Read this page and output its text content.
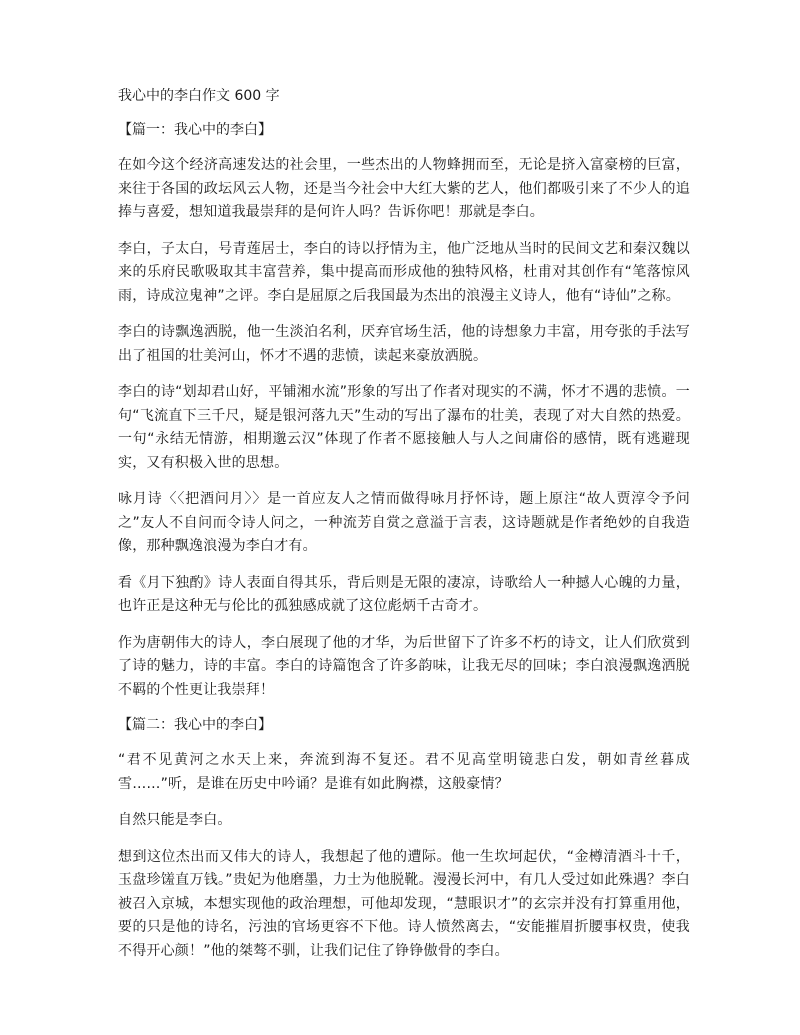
我心中的李白作文 600 字
【篇一：我心中的李白】

在如今这个经济高速发达的社会里，一些杰出的人物蜂拥而至，无论是挤入富豪榜的巨富，来往于各国的政坛风云人物，还是当今社会中大红大紫的艺人，他们都吸引来了不少人的追捧与喜爱，想知道我最崇拜的是何许人吗？告诉你吧！那就是李白。

李白，子太白，号青莲居士，李白的诗以抒情为主，他广泛地从当时的民间文艺和秦汉魏以来的乐府民歌吸取其丰富营养，集中提高而形成他的独特风格，杜甫对其创作有“笔落惊风雨，诗成泣鬼神”之评。李白是屈原之后我国最为杰出的浪漫主义诗人，他有“诗仙”之称。

李白的诗飘逸洒脱，他一生淡泊名利，厌弃官场生活，他的诗想象力丰富，用夸张的手法写出了祖国的壮美河山，怀才不遇的悲愤，读起来豪放洒脱。

李白的诗“划却君山好，平铺湘水流”形象的写出了作者对现实的不满，怀才不遇的悲愤。一句“飞流直下三千尺，疑是银河落九天”生动的写出了瀑布的壮美，表现了对大自然的热爱。一句“永结无情游，相期邈云汉”体现了作者不愿接触人与人之间庸俗的感情，既有逃避现实，又有积极入世的思想。

咏月诗〈〈把酒问月〉〉是一首应友人之情而做得咏月抒怀诗，题上原注“故人贾淳令予问之”友人不自问而令诗人问之，一种流芳自赏之意溢于言表，这诗题就是作者绝妙的自我造像，那种飘逸浪漫为李白才有。

看《月下独酌》诗人表面自得其乐，背后则是无限的凄凉，诗歌给人一种撼人心魄的力量，也许正是这种无与伦比的孤独感成就了这位彪炳千古奇才。

作为唐朝伟大的诗人，李白展现了他的才华，为后世留下了许多不朽的诗文，让人们欣赏到了诗的魅力，诗的丰富。李白的诗篇饱含了许多韵味，让我无尽的回味；李白浪漫飘逸洒脱不羁的个性更让我崇拜！

【篇二：我心中的李白】

“君不见黄河之水天上来，奔流到海不复还。君不见高堂明镜悲白发，朝如青丝暮成雪……”听，是谁在历史中吟诵？是谁有如此胸襟，这般豪情？

自然只能是李白。

想到这位杰出而又伟大的诗人，我想起了他的遭际。他一生坎坷起伏，“金樽清酒斗十千，玉盘珍馐直万钱。”贵妃为他磨墨，力士为他脱靴。漫漫长河中，有几人受过如此殊遇？李白被召入京城，本想实现他的政治理想，可他却发现，“慧眼识才”的玄宗并没有打算重用他，要的只是他的诗名，污浊的官场更容不下他。诗人愤然离去，“安能摧眉折腰事权贵，使我不得开心颜！”他的桀骜不驯，让我们记住了铮铮傲骨的李白。
